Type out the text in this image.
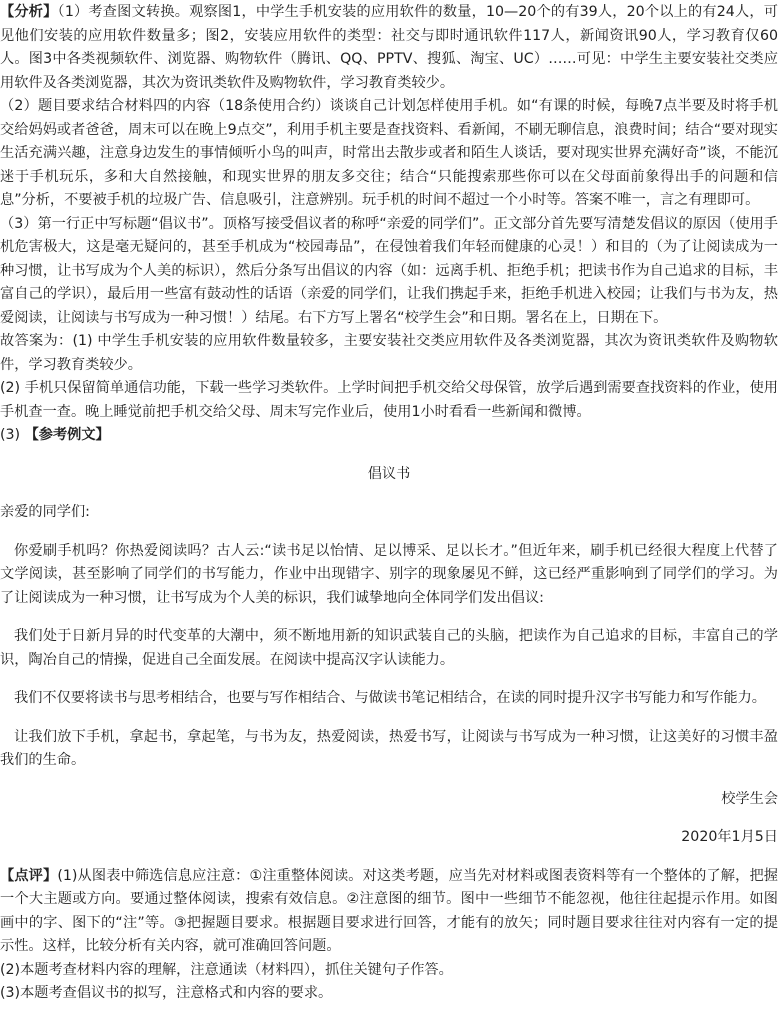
【分析】（1）考查图文转换。观察图1，中学生手机安装的应用软件的数量，10—20个的有39人，20个以上的有24人，可见他们安装的应用软件数量多；图2，安装应用软件的类型：社交与即时通讯软件117人，新闻资讯90人，学习教育仅60人。图3中各类视频软件、浏览器、购物软件（腾讯、QQ、PPTV、搜狐、淘宝、UC）……可见：中学生主要安装社交类应用软件及各类浏览器，其次为资讯类软件及购物软件，学习教育类较少。

（2）题目要求结合材料四的内容（18条使用合约）谈谈自己计划怎样使用手机。如“有课的时候，每晚7点半要及时将手机交给妈妈或者爸爸，周末可以在晚上9点交”，利用手机主要是查找资料、看新闻，不刷无聊信息，浪费时间；结合“要对现实生活充满兴趣，注意身边发生的事情倾听小鸟的叫声，时常出去散步或者和陌生人谈话，要对现实世界充满好奇”谈，不能沉迷于手机玩乐，多和大自然接触，和现实世界的朋友多交往；结合“只能搜索那些你可以在父母面前象得出手的问题和信息”分析，不要被手机的垃圾广告、信息吸引，注意辨别。玩手机的时间不超过一个小时等。答案不唯一，言之有理即可。

（3）第一行正中写标题“倡议书”。顶格写接受倡议者的称呼“亲爱的同学们”。正文部分首先要写清楚发倡议的原因（使用手机危害极大，这是毫无疑问的，甚至手机成为“校园毒品”，在侵蚀着我们年轻而健康的心灵！）和目的（为了让阅读成为一种习惯，让书写成为个人美的标识），然后分条写出倡议的内容（如：远离手机、拒绝手机；把读书作为自己追求的目标，丰富自己的学识），最后用一些富有鼓动性的话语（亲爱的同学们，让我们携起手来，拒绝手机进入校园；让我们与书为友，热爱阅读，让阅读与书写成为一种习惯！）结尾。右下方写上署名“校学生会”和日期。署名在上，日期在下。

故答案为：(1) 中学生手机安装的应用软件数量较多，主要安装社交类应用软件及各类浏览器，其次为资讯类软件及购物软件，学习教育类较少。

(2) 手机只保留简单通信功能，下载一些学习类软件。上学时间把手机交给父母保管，放学后遇到需要查找资料的作业，使用手机查一查。晚上睡觉前把手机交给父母、周末写完作业后，使用1小时看看一些新闻和微博。

(3) 【参考例文】

倡议书

亲爱的同学们:

你爱刷手机吗？你热爱阅读吗？古人云:“读书足以怡情、足以博采、足以长才。”但近年来，刷手机已经很大程度上代替了文学阅读，甚至影响了同学们的书写能力，作业中出现错字、别字的现象屡见不鲜，这已经严重影响到了同学们的学习。为了让阅读成为一种习惯，让书写成为个人美的标识，我们诚挚地向全体同学们发出倡议:

我们处于日新月异的时代变革的大潮中，须不断地用新的知识武装自己的头脑，把读作为自己追求的目标，丰富自己的学识，陶冶自己的情操，促进自己全面发展。在阅读中提高汉字认读能力。

我们不仅要将读书与思考相结合，也要与写作相结合、与做读书笔记相结合，在读的同时提升汉字书写能力和写作能力。

让我们放下手机，拿起书，拿起笔，与书为友，热爱阅读，热爱书写，让阅读与书写成为一种习惯，让这美好的习惯丰盈我们的生命。

校学生会

2020年1月5日

【点评】(1)从图表中筛选信息应注意：①注重整体阅读。对这类考题，应当先对材料或图表资料等有一个整体的了解，把握一个大主题或方向。要通过整体阅读，搜索有效信息。②注意图的细节。图中一些细节不能忽视，他往往起提示作用。如图画中的字、图下的“注”等。③把握题目要求。根据题目要求进行回答，才能有的放矢；同时题目要求往往对内容有一定的提示性。这样，比较分析有关内容，就可准确回答问题。

(2)本题考查材料内容的理解，注意通读（材料四），抓住关键句子作答。

(3)本题考查倡议书的拟写，注意格式和内容的要求。
